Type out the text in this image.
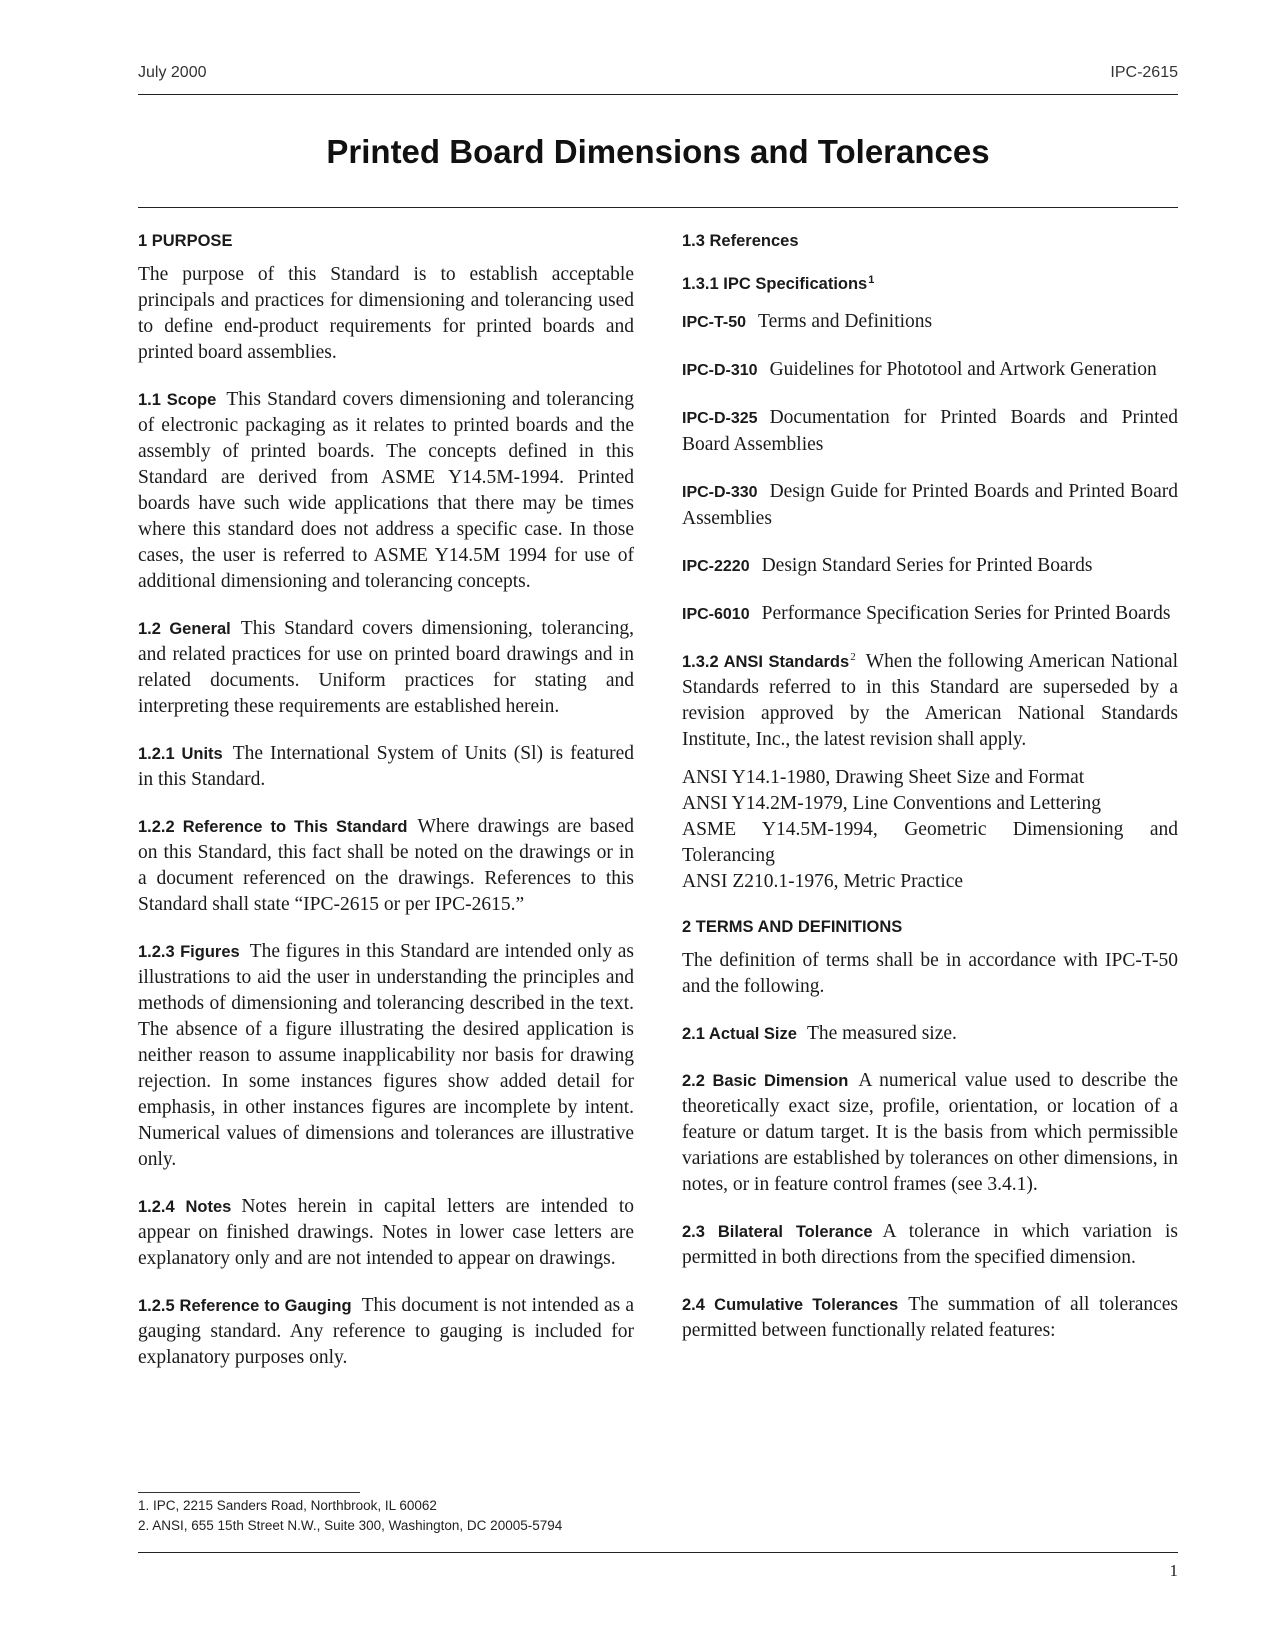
July 2000	IPC-2615
Printed Board Dimensions and Tolerances
1 PURPOSE

The purpose of this Standard is to establish acceptable principals and practices for dimensioning and tolerancing used to define end-product requirements for printed boards and printed board assemblies.

1.1 Scope This Standard covers dimensioning and tolerancing of electronic packaging as it relates to printed boards and the assembly of printed boards. The concepts defined in this Standard are derived from ASME Y14.5M-1994. Printed boards have such wide applications that there may be times where this standard does not address a specific case. In those cases, the user is referred to ASME Y14.5M 1994 for use of additional dimensioning and tolerancing concepts.

1.2 General This Standard covers dimensioning, tolerancing, and related practices for use on printed board drawings and in related documents. Uniform practices for stating and interpreting these requirements are established herein.

1.2.1 Units The International System of Units (Sl) is featured in this Standard.

1.2.2 Reference to This Standard Where drawings are based on this Standard, this fact shall be noted on the drawings or in a document referenced on the drawings. References to this Standard shall state “IPC-2615 or per IPC-2615.”

1.2.3 Figures The figures in this Standard are intended only as illustrations to aid the user in understanding the principles and methods of dimensioning and tolerancing described in the text. The absence of a figure illustrating the desired application is neither reason to assume inapplicability nor basis for drawing rejection. In some instances figures show added detail for emphasis, in other instances figures are incomplete by intent. Numerical values of dimensions and tolerances are illustrative only.

1.2.4 Notes Notes herein in capital letters are intended to appear on finished drawings. Notes in lower case letters are explanatory only and are not intended to appear on drawings.

1.2.5 Reference to Gauging This document is not intended as a gauging standard. Any reference to gauging is included for explanatory purposes only.

1.3 References
1.3.1 IPC Specifications$^1$

IPC-T-50 Terms and Definitions

IPC-D-310 Guidelines for Phototool and Artwork Generation

IPC-D-325 Documentation for Printed Boards and Printed Board Assemblies

IPC-D-330 Design Guide for Printed Boards and Printed Board Assemblies

IPC-2220 Design Standard Series for Printed Boards

IPC-6010 Performance Specification Series for Printed Boards

1.3.2 ANSI Standards$^2$ When the following American National Standards referred to in this Standard are superseded by a revision approved by the American National Standards Institute, Inc., the latest revision shall apply.

ANSI Y14.1-1980, Drawing Sheet Size and Format
ANSI Y14.2M-1979, Line Conventions and Lettering
ASME Y14.5M-1994, Geometric Dimensioning and Tolerancing
ANSI Z210.1-1976, Metric Practice
2 TERMS AND DEFINITIONS

The definition of terms shall be in accordance with IPC-T-50 and the following.

2.1 Actual Size The measured size.

2.2 Basic Dimension A numerical value used to describe the theoretically exact size, profile, orientation, or location of a feature or datum target. It is the basis from which permissible variations are established by tolerances on other dimensions, in notes, or in feature control frames (see 3.4.1).

2.3 Bilateral Tolerance A tolerance in which variation is permitted in both directions from the specified dimension.

2.4 Cumulative Tolerances The summation of all tolerances permitted between functionally related features:

1. IPC, 2215 Sanders Road, Northbrook, IL 60062
2. ANSI, 655 15th Street N.W., Suite 300, Washington, DC 20005-5794
1
